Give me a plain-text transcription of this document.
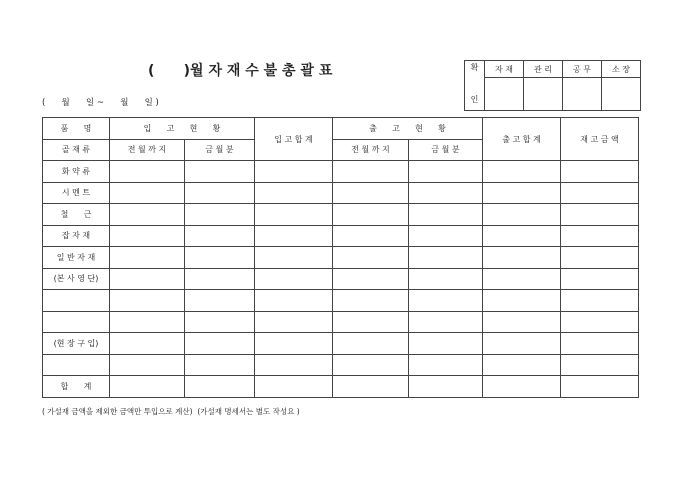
(      )월 자 재 수 불 총 괄 표
(      월      일 ~      월      일 )
확
인	자 재	관 리	공 무	소 장

품      명	입      고      현      황		입 고 합 계	출      고      현      황		출 고 합 계	재 고 금 액
골 재 류	전 월 까 지	금 월 분		전 월 까 지	금 월 분		
화 약 류							
시 멘 트							
철      근							
잡 자 재							
일 반 자 재							
(본 사 영 단)							

(현 장 구 입)							

합      계							
( 가설재 금액을 제외한 금액만 투입으로 계산)  (가설재 명세서는 별도 작성요 )
